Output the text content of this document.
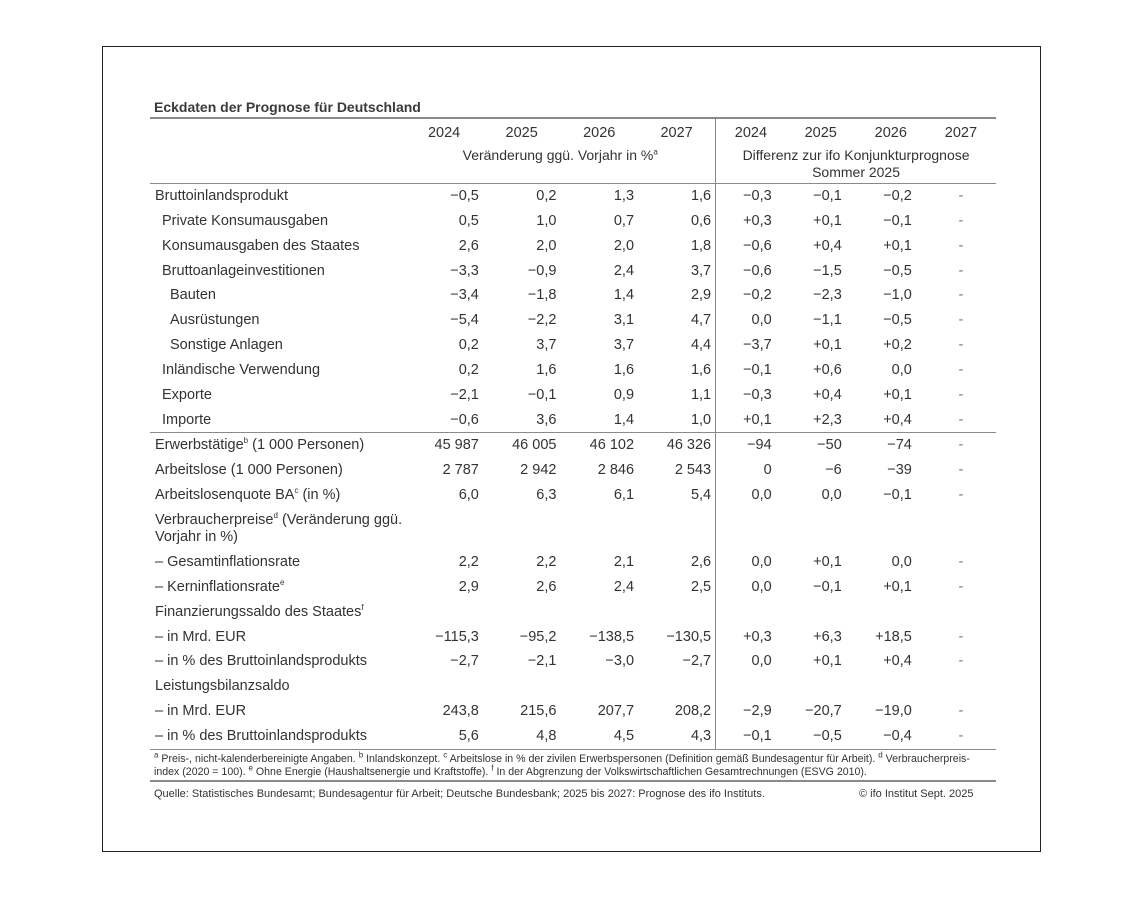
Eckdaten der Prognose für Deutschland
	2024	2025	2026	2027	2024	2025	2026	2027
	Veränderung ggü. Vorjahr in %$^a$				Differenz zur ifo Konjunkturprognose Sommer 2025			
Bruttoinlandsprodukt	−0,5	0,2	1,3	1,6	−0,3	−0,1	−0,2	-
Private Konsumausgaben	0,5	1,0	0,7	0,6	+0,3	+0,1	−0,1	-
Konsumausgaben des Staates	2,6	2,0	2,0	1,8	−0,6	+0,4	+0,1	-
Bruttoanlageinvestitionen	−3,3	−0,9	2,4	3,7	−0,6	−1,5	−0,5	-
Bauten	−3,4	−1,8	1,4	2,9	−0,2	−2,3	−1,0	-
Ausrüstungen	−5,4	−2,2	3,1	4,7	0,0	−1,1	−0,5	-
Sonstige Anlagen	0,2	3,7	3,7	4,4	−3,7	+0,1	+0,2	-
Inländische Verwendung	0,2	1,6	1,6	1,6	−0,1	+0,6	0,0	-
Exporte	−2,1	−0,1	0,9	1,1	−0,3	+0,4	+0,1	-
Importe	−0,6	3,6	1,4	1,0	+0,1	+2,3	+0,4	-
Erwerbstätige$^b$ (1 000 Personen)	45 987	46 005	46 102	46 326	−94	−50	−74	-
Arbeitslose (1 000 Personen)	2 787	2 942	2 846	2 543	0	−6	−39	-
Arbeitslosenquote $BA^c$ (in %)	6,0	6,3	6,1	5,4	0,0	0,0	−0,1	-
Verbraucherpreise$^d$ (Veränderung ggü. Vorjahr in %)								
– Gesamtinflationsrate	2,2	2,2	2,1	2,6	0,0	+0,1	0,0	-
– Kerninflationsrate$^e$	2,9	2,6	2,4	2,5	0,0	−0,1	+0,1	-
Finanzierungssaldo des Staates$^f$								
– in Mrd. EUR	−115,3	−95,2	−138,5	−130,5	+0,3	+6,3	+18,5	-
– in % des Bruttoinlandsprodukts	−2,7	−2,1	−3,0	−2,7	0,0	+0,1	+0,4	-
Leistungsbilanzsaldo								
– in Mrd. EUR	243,8	215,6	207,7	208,2	−2,9	−20,7	−19,0	-
– in % des Bruttoinlandsprodukts	5,6	4,8	4,5	4,3	−0,1	−0,5	−0,4	-
$^a$ Preis-, nicht-kalenderbereinigte Angaben. $^b$ Inlandskonzept. $^c$ Arbeitslose in % der zivilen Erwerbspersonen (Definition gemäß Bundesagentur für Arbeit). $^d$ Verbraucherpreis- index (2020 = 100). $^e$ Ohne Energie (Haushaltsenergie und Kraftstoffe). $^f$ In der Abgrenzung der Volkswirtschaftlichen Gesamtrechnungen (ESVG 2010).
Quelle: Statistisches Bundesamt; Bundesagentur für Arbeit; Deutsche Bundesbank; 2025 bis 2027: Prognose des ifo Instituts.	© ifo Institut Sept. 2025
